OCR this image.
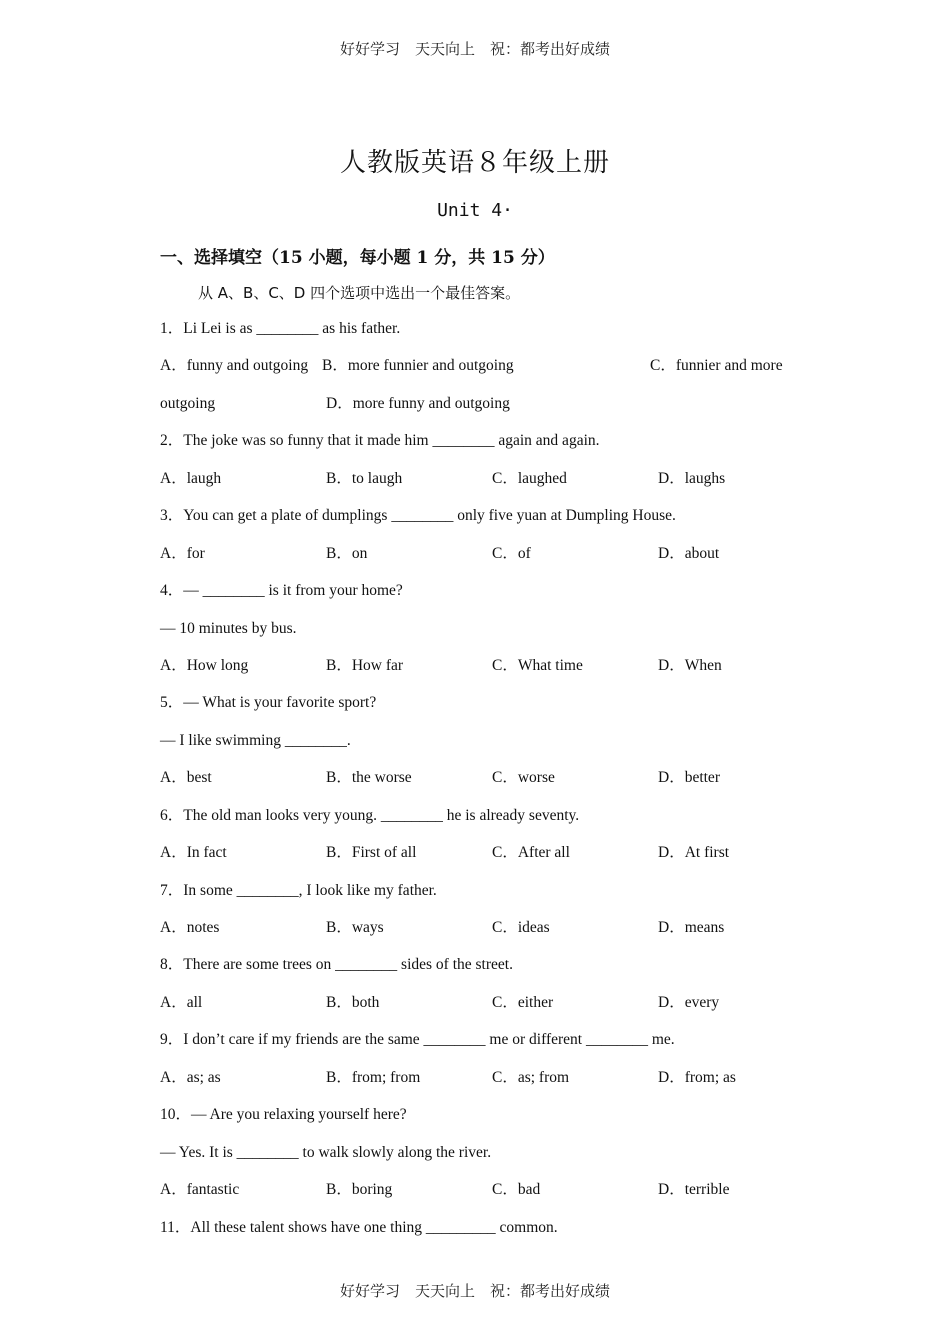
好好学习　天天向上　祝：都考出好成绩
人教版英语８年级上册
Unit 4·
一、选择填空（15 小题，每小题 1 分，共 15 分）
从 A、B、C、D 四个选项中选出一个最佳答案。
1．Li Lei is as ________ as his father.
A．funny and outgoing B．more funnier and outgoing	C．funnier and more
outgoing	D．more funny and outgoing
2．The joke was so funny that it made him ________ again and again.
A．laugh	B．to laugh	C．laughed	D．laughs
3．You can get a plate of dumplings ________ only five yuan at Dumpling House.
A．for	B．on	C．of	D．about
4．— ________ is it from your home?
— 10 minutes by bus.
A．How long	B．How far	C．What time	D．When
5．— What is your favorite sport?
— I like swimming ________.
A．best	B．the worse	C．worse	D．better
6．The old man looks very young. ________ he is already seventy.
A．In fact	B．First of all	C．After all	D．At first
7．In some ________, I look like my father.
A．notes	B．ways	C．ideas	D．means
8．There are some trees on ________ sides of the street.
A．all	B．both	C．either	D．every
9．I don’t care if my friends are the same ________ me or different ________ me.
A．as; as	B．from; from	C．as; from	D．from; as
10．— Are you relaxing yourself here?
— Yes. It is ________ to walk slowly along the river.
A．fantastic	B．boring	C．bad	D．terrible
11．All these talent shows have one thing _________ common.
好好学习　天天向上　祝：都考出好成绩
